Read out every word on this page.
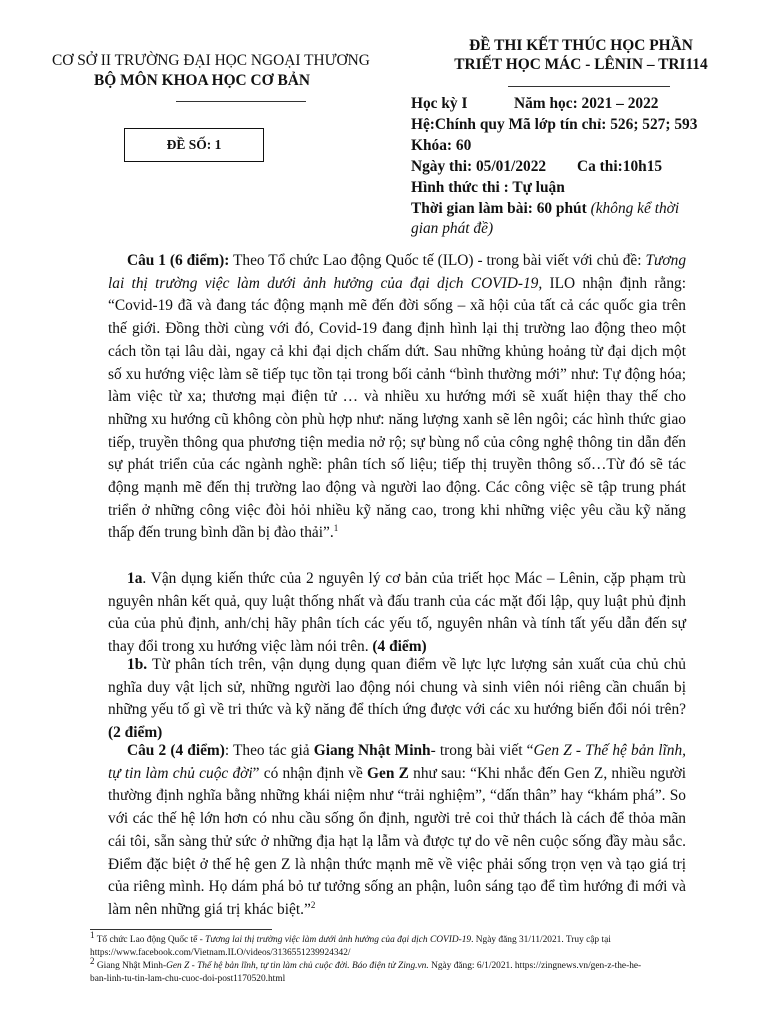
CƠ SỞ II TRƯỜNG ĐẠI HỌC NGOẠI THƯƠNG
BỘ MÔN KHOA HỌC CƠ BẢN
ĐỀ SỐ: 1
ĐỀ THI KẾT THÚC HỌC PHẦN
TRIẾT HỌC MÁC - LÊNIN – TRI114
Học kỳ I	Năm học: 2021 – 2022
Hệ:Chính quy Mã lớp tín chỉ: 526; 527; 593
Khóa: 60
Ngày thi: 05/01/2022 Ca thi:10h15
Hình thức thi : Tự luận
Thời gian làm bài: 60 phút (không kể thời
gian phát đề)

Câu 1 (6 điểm): Theo Tổ chức Lao động Quốc tế (ILO) - trong bài viết với chủ đề: Tương lai thị trường việc làm dưới ảnh hưởng của đại dịch COVID-19, ILO nhận định rằng: “Covid-19 đã và đang tác động mạnh mẽ đến đời sống – xã hội của tất cả các quốc gia trên thế giới. Đồng thời cùng với đó, Covid-19 đang định hình lại thị trường lao động theo một cách tồn tại lâu dài, ngay cả khi đại dịch chấm dứt. Sau những khủng hoảng từ đại dịch một số xu hướng việc làm sẽ tiếp tục tồn tại trong bối cảnh “bình thường mới” như: Tự động hóa; làm việc từ xa; thương mại điện tử … và nhiều xu hướng mới sẽ xuất hiện thay thế cho những xu hướng cũ không còn phù hợp như: năng lượng xanh sẽ lên ngôi; các hình thức giao tiếp, truyền thông qua phương tiện media nở rộ; sự bùng nổ của công nghệ thông tin dẫn đến sự phát triển của các ngành nghề: phân tích số liệu; tiếp thị truyền thông số…Từ đó sẽ tác động mạnh mẽ đến thị trường lao động và người lao động. Các công việc sẽ tập trung phát triển ở những công việc đòi hỏi nhiều kỹ năng cao, trong khi những việc yêu cầu kỹ năng thấp đến trung bình dần bị đào thải”.$^1$

1a. Vận dụng kiến thức của 2 nguyên lý cơ bản của triết học Mác – Lênin, cặp phạm trù nguyên nhân kết quả, quy luật thống nhất và đấu tranh của các mặt đối lập, quy luật phủ định của của phủ định, anh/chị hãy phân tích các yếu tố, nguyên nhân và tính tất yếu dẫn đến sự thay đổi trong xu hướng việc làm nói trên. (4 điểm)

1b. Từ phân tích trên, vận dụng dụng quan điểm về lực lực lượng sản xuất của chủ chủ nghĩa duy vật lịch sử, những người lao động nói chung và sinh viên nói riêng cần chuẩn bị những yếu tố gì về tri thức và kỹ năng để thích ứng được với các xu hướng biến đổi nói trên? (2 điểm)

Câu 2 (4 điểm): Theo tác giả Giang Nhật Minh- trong bài viết “Gen Z - Thế hệ bản lĩnh, tự tin làm chủ cuộc đời” có nhận định về Gen Z như sau: “Khi nhắc đến Gen Z, nhiều người thường định nghĩa bằng những khái niệm như “trải nghiệm”, “dấn thân” hay “khám phá”. So với các thế hệ lớn hơn có nhu cầu sống ổn định, người trẻ coi thử thách là cách để thỏa mãn cái tôi, sẵn sàng thử sức ở những địa hạt lạ lẫm và được tự do vẽ nên cuộc sống đầy màu sắc. Điểm đặc biệt ở thế hệ gen Z là nhận thức mạnh mẽ về việc phải sống trọn vẹn và tạo giá trị của riêng mình. Họ dám phá bỏ tư tưởng sống an phận, luôn sáng tạo để tìm hướng đi mới và làm nên những giá trị khác biệt.”$^2$

$^1$ Tổ chức Lao động Quốc tế - Tương lai thị trường việc làm dưới ảnh hưởng của đại dịch COVID-19. Ngày đăng 31/11/2021. Truy cập tại
https://www.facebook.com/Vietnam.ILO/videos/3136551239924342/
$^2$ Giang Nhật Minh-Gen Z - Thế hệ bản lĩnh, tự tin làm chủ cuộc đời. Báo điện tử Zing.vn. Ngày đăng: 6/1/2021. https://zingnews.vn/gen-z-the-he-
ban-linh-tu-tin-lam-chu-cuoc-doi-post1170520.html
